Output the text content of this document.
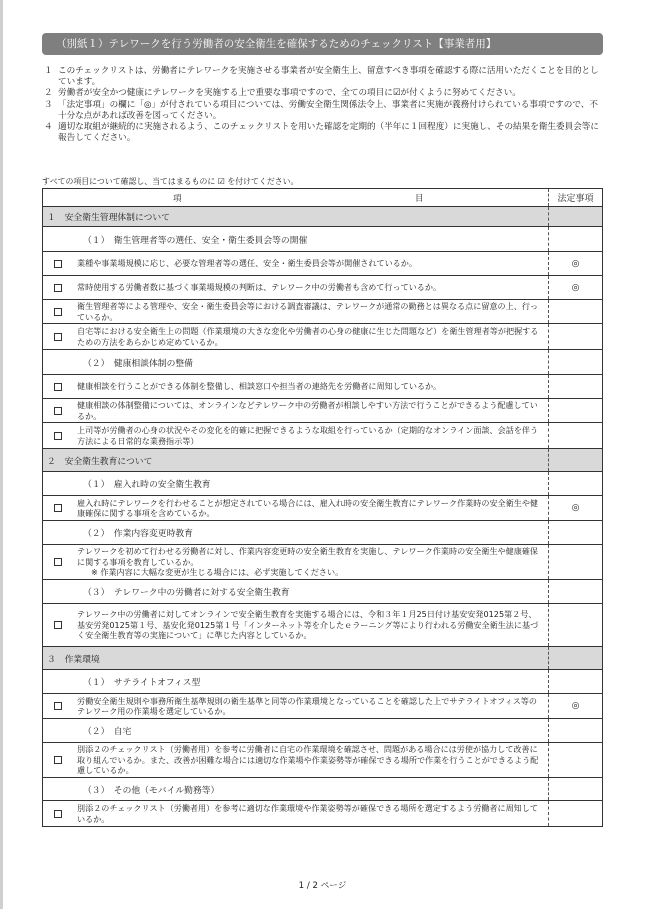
（別紙１）テレワークを行う労働者の安全衛生を確保するためのチェックリスト【事業者用】
１ このチェックリストは、労働者にテレワークを実施させる事業者が安全衛生上、留意すべき事項を確認する際に活用いただくことを目的としています。
２ 労働者が安全かつ健康にテレワークを実施する上で重要な事項ですので、全ての項目に☑が付くように努めてください。
３ 「法定事項」の欄に「◎」が付されている項目については、労働安全衛生関係法令上、事業者に実施が義務付けられている事項ですので、不十分な点があれば改善を図ってください。
４ 適切な取組が継続的に実施されるよう、このチェックリストを用いた確認を定期的（半年に１回程度）に実施し、その結果を衛生委員会等に報告してください。
すべての項目について確認し、当てはまるものに ☑ を付けてください。
項	目	法定事項
１　安全衛生管理体制について
（１）　衛生管理者等の選任、安全・衛生委員会等の開催
業種や事業場規模に応じ、必要な管理者等の選任、安全・衛生委員会等が開催されているか。	◎
常時使用する労働者数に基づく事業場規模の判断は、テレワーク中の労働者も含めて行っているか。	◎
衛生管理者等による管理や、安全・衛生委員会等における調査審議は、テレワークが通常の勤務とは異なる点に留意の上、行っているか。
自宅等における安全衛生上の問題（作業環境の大きな変化や労働者の心身の健康に生じた問題など）を衛生管理者等が把握するための方法をあらかじめ定めているか。
（２）　健康相談体制の整備
健康相談を行うことができる体制を整備し、相談窓口や担当者の連絡先を労働者に周知しているか。
健康相談の体制整備については、オンラインなどテレワーク中の労働者が相談しやすい方法で行うことができるよう配慮しているか。
上司等が労働者の心身の状況やその変化を的確に把握できるような取組を行っているか（定期的なオンライン面談、会話を伴う方法による日常的な業務指示等）
２　安全衛生教育について
（１）　雇入れ時の安全衛生教育
雇入れ時にテレワークを行わせることが想定されている場合には、雇入れ時の安全衛生教育にテレワーク作業時の安全衛生や健康確保に関する事項を含めているか。	◎
（２）　作業内容変更時教育
テレワークを初めて行わせる労働者に対し、作業内容変更時の安全衛生教育を実施し、テレワーク作業時の安全衛生や健康確保に関する事項を教育しているか。
※ 作業内容に大幅な変更が生じる場合には、必ず実施してください。
（３）　テレワーク中の労働者に対する安全衛生教育
テレワーク中の労働者に対してオンラインで安全衛生教育を実施する場合には、令和３年１月25日付け基安安発0125第２号、基安労発0125第１号、基安化発0125第１号「インターネット等を介したｅラーニング等により行われる労働安全衛生法に基づく安全衛生教育等の実施について」に準じた内容としているか。
３　作業環境
（１）　サテライトオフィス型
労働安全衛生規則や事務所衛生基準規則の衛生基準と同等の作業環境となっていることを確認した上でサテライトオフィス等のテレワーク用の作業場を選定しているか。	◎
（２）　自宅
別添２のチェックリスト（労働者用）を参考に労働者に自宅の作業環境を確認させ、問題がある場合には労使が協力して改善に取り組んでいるか。また、改善が困難な場合には適切な作業場や作業姿勢等が確保できる場所で作業を行うことができるよう配慮しているか。
（３）　その他（モバイル勤務等）
別添２のチェックリスト（労働者用）を参考に適切な作業環境や作業姿勢等が確保できる場所を選定するよう労働者に周知しているか。
1 / 2 ページ
